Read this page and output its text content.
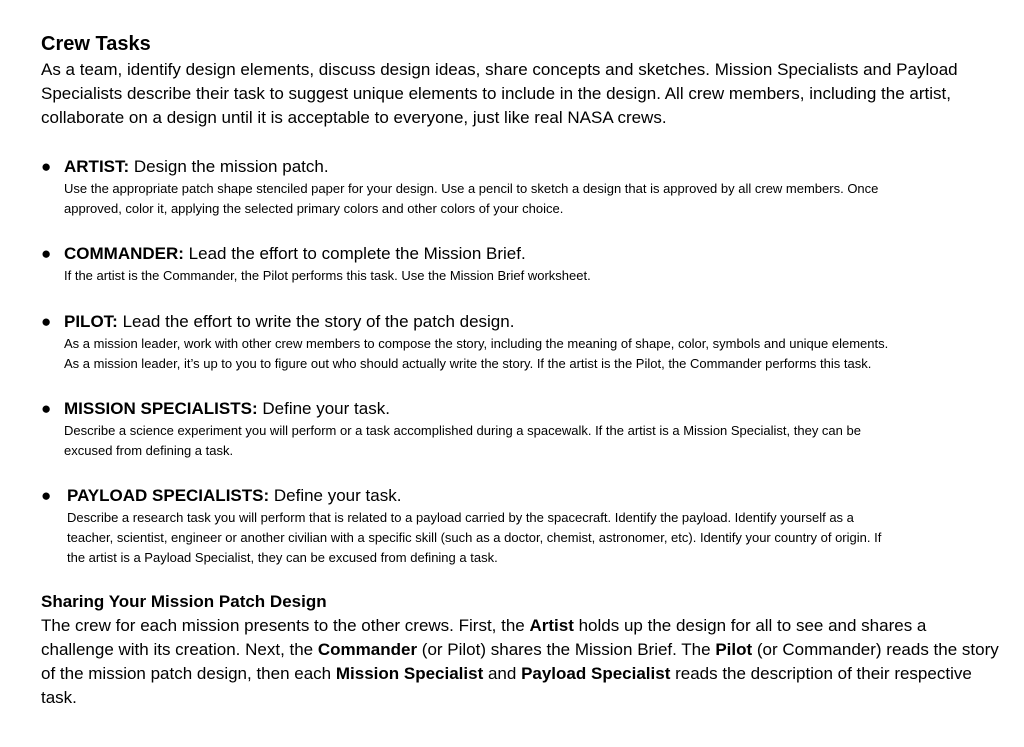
Crew Tasks
As a team, identify design elements, discuss design ideas, share concepts and sketches. Mission Specialists and Payload Specialists describe their task to suggest unique elements to include in the design. All crew members, including the artist, collaborate on a design until it is acceptable to everyone, just like real NASA crews.
● ARTIST: Design the mission patch.
Use the appropriate patch shape stenciled paper for your design. Use a pencil to sketch a design that is approved by all crew members. Once
approved, color it, applying the selected primary colors and other colors of your choice.
● COMMANDER: Lead the effort to complete the Mission Brief.
If the artist is the Commander, the Pilot performs this task. Use the Mission Brief worksheet.
● PILOT: Lead the effort to write the story of the patch design.
As a mission leader, work with other crew members to compose the story, including the meaning of shape, color, symbols and unique elements.
As a mission leader, it’s up to you to figure out who should actually write the story. If the artist is the Pilot, the Commander performs this task.
● MISSION SPECIALISTS: Define your task.
Describe a science experiment you will perform or a task accomplished during a spacewalk. If the artist is a Mission Specialist, they can be
excused from defining a task.
● PAYLOAD SPECIALISTS: Define your task.
Describe a research task you will perform that is related to a payload carried by the spacecraft. Identify the payload. Identify yourself as a
teacher, scientist, engineer or another civilian with a specific skill (such as a doctor, chemist, astronomer, etc). Identify your country of origin. If
the artist is a Payload Specialist, they can be excused from defining a task.
Sharing Your Mission Patch Design
The crew for each mission presents to the other crews. First, the Artist holds up the design for all to see and shares a challenge with its creation. Next, the Commander (or Pilot) shares the Mission Brief. The Pilot (or Commander) reads the story of the mission patch design, then each Mission Specialist and Payload Specialist reads the description of their respective task.
